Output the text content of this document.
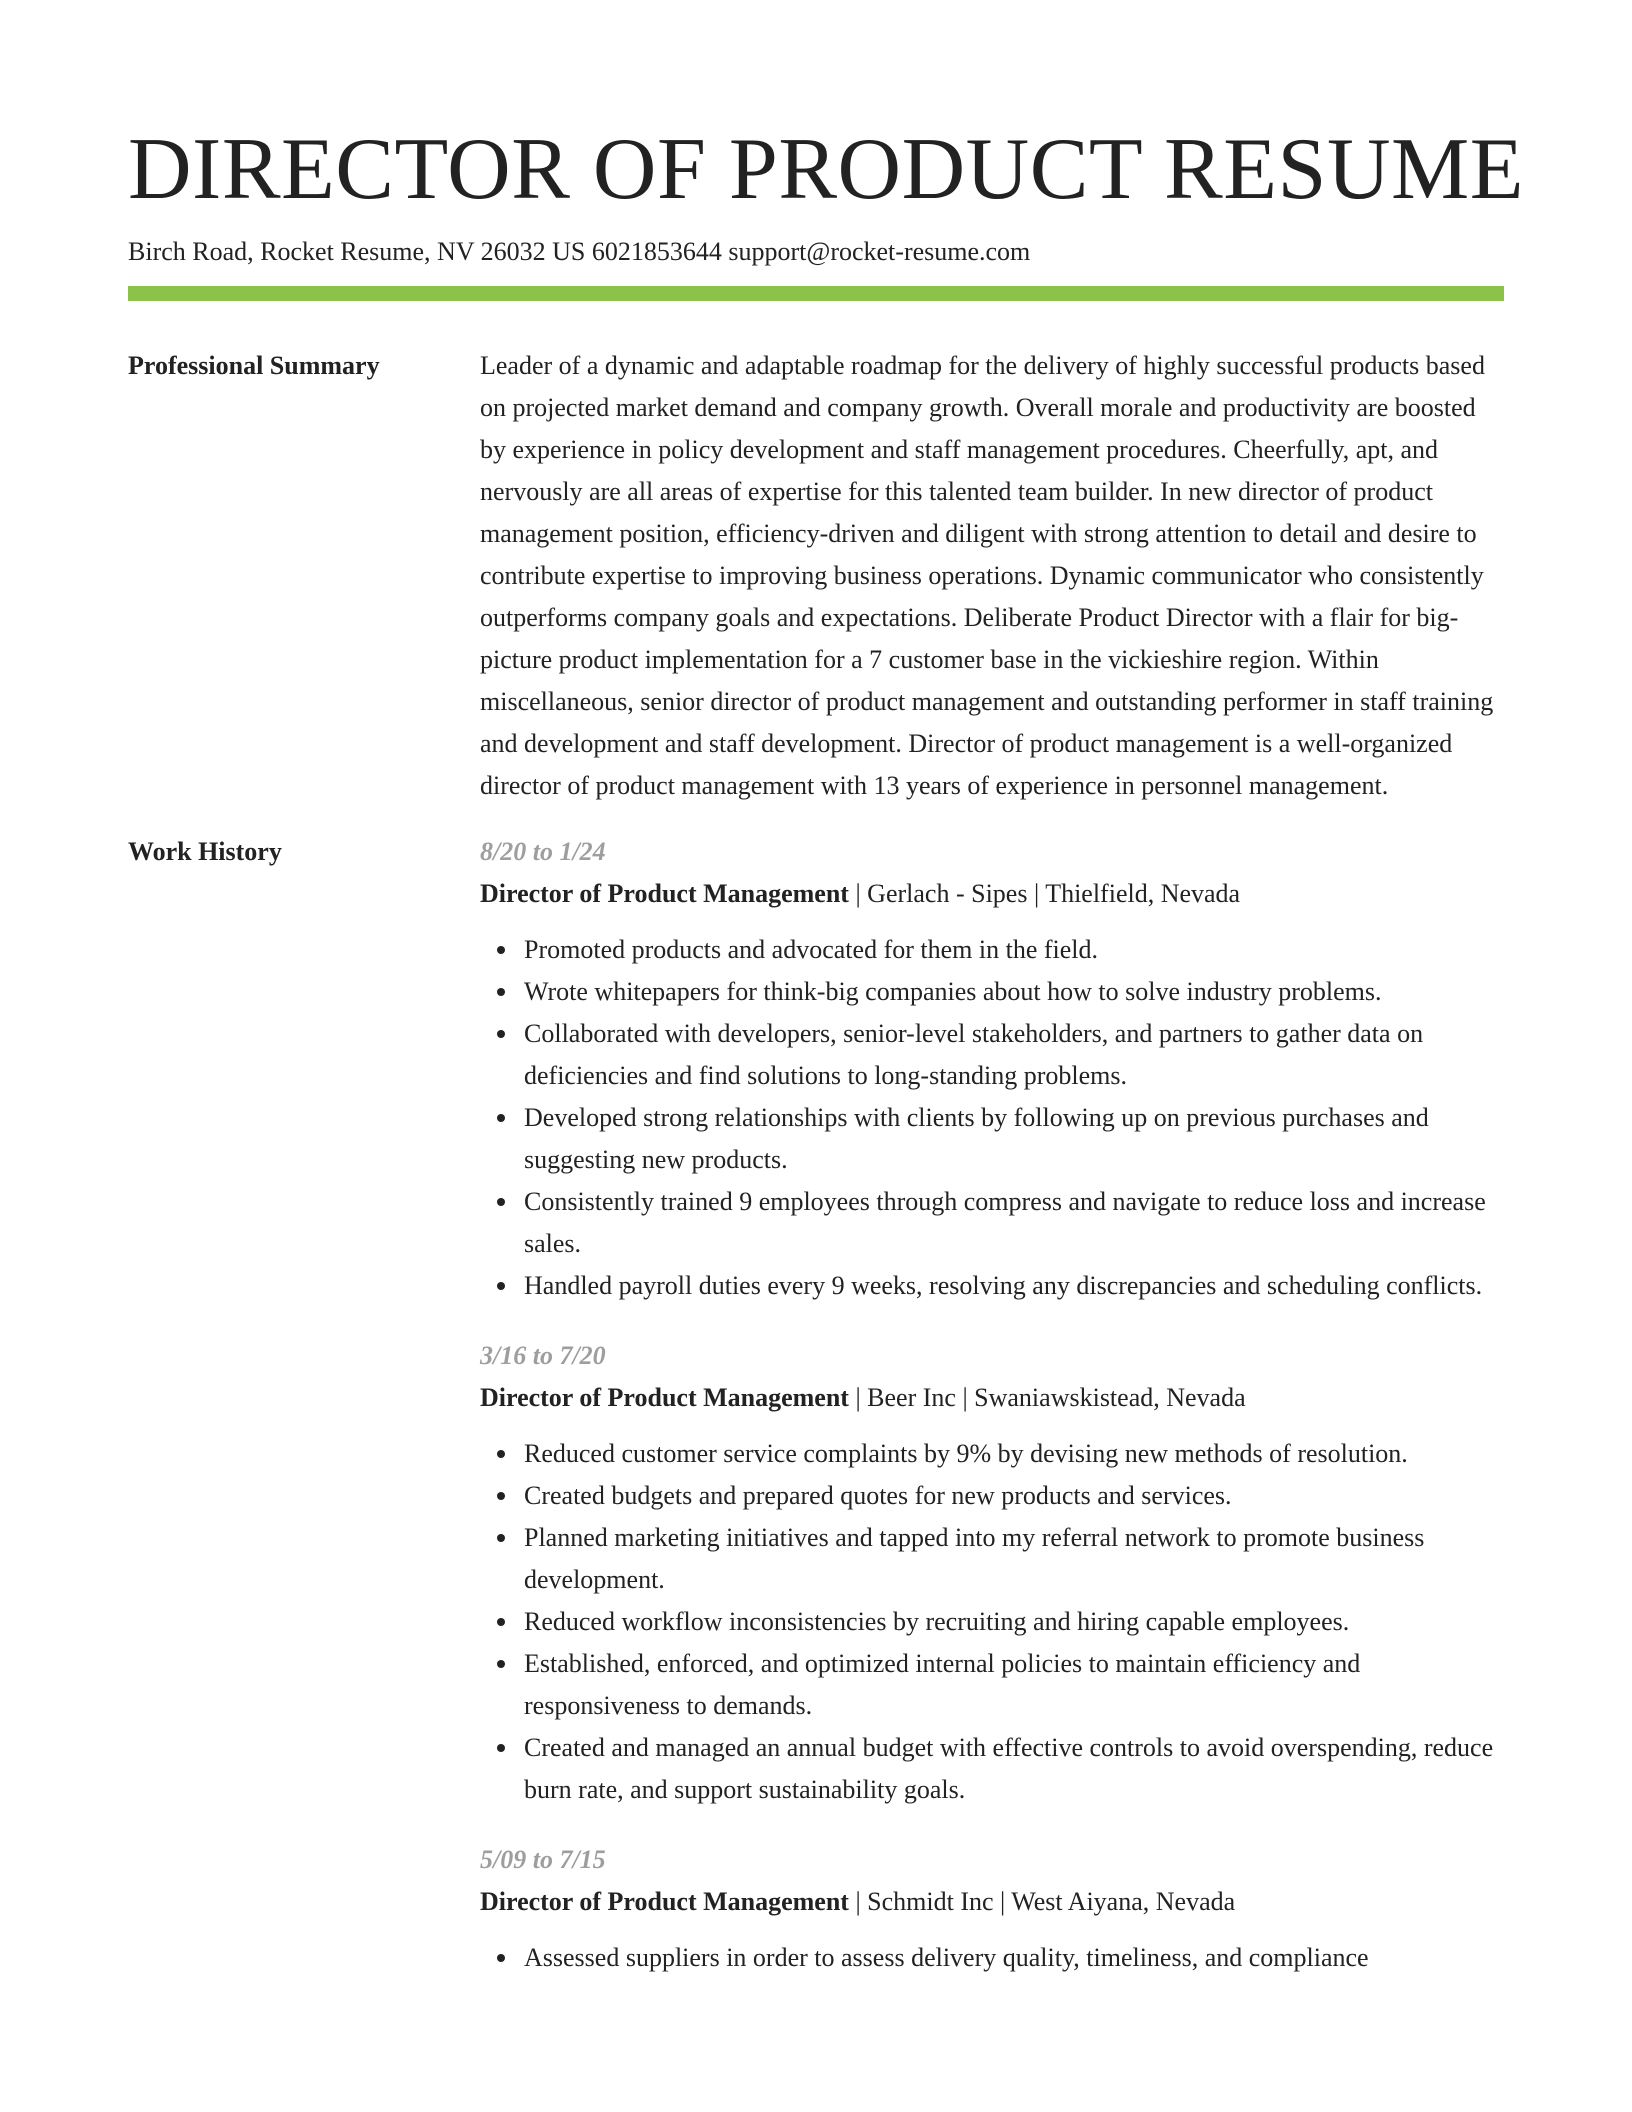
DIRECTOR OF PRODUCT RESUME
Birch Road, Rocket Resume, NV 26032 US 6021853644 support@rocket-resume.com
Professional Summary	Leader of a dynamic and adaptable roadmap for the delivery of highly successful products based on projected market demand and company growth. Overall morale and productivity are boosted by experience in policy development and staff management procedures. Cheerfully, apt, and nervously are all areas of expertise for this talented team builder. In new director of product management position, efficiency-driven and diligent with strong attention to detail and desire to contribute expertise to improving business operations. Dynamic communicator who consistently outperforms company goals and expectations. Deliberate Product Director with a flair for big-picture product implementation for a 7 customer base in the vickieshire region. Within miscellaneous, senior director of product management and outstanding performer in staff training and development and staff development. Director of product management is a well-organized director of product management with 13 years of experience in personnel management.

Work History	8/20 to 1/24
Director of Product Management | Gerlach - Sipes | Thielfield, Nevada
Promoted products and advocated for them in the field.
Wrote whitepapers for think-big companies about how to solve industry problems.
Collaborated with developers, senior-level stakeholders, and partners to gather data on deficiencies and find solutions to long-standing problems.
Developed strong relationships with clients by following up on previous purchases and suggesting new products.
Consistently trained 9 employees through compress and navigate to reduce loss and increase sales.
Handled payroll duties every 9 weeks, resolving any discrepancies and scheduling conflicts.
3/16 to 7/20
Director of Product Management | Beer Inc | Swaniawskistead, Nevada
Reduced customer service complaints by 9% by devising new methods of resolution.
Created budgets and prepared quotes for new products and services.
Planned marketing initiatives and tapped into my referral network to promote business development.
Reduced workflow inconsistencies by recruiting and hiring capable employees.
Established, enforced, and optimized internal policies to maintain efficiency and responsiveness to demands.
Created and managed an annual budget with effective controls to avoid overspending, reduce burn rate, and support sustainability goals.
5/09 to 7/15
Director of Product Management | Schmidt Inc | West Aiyana, Nevada
Assessed suppliers in order to assess delivery quality, timeliness, and compliance
